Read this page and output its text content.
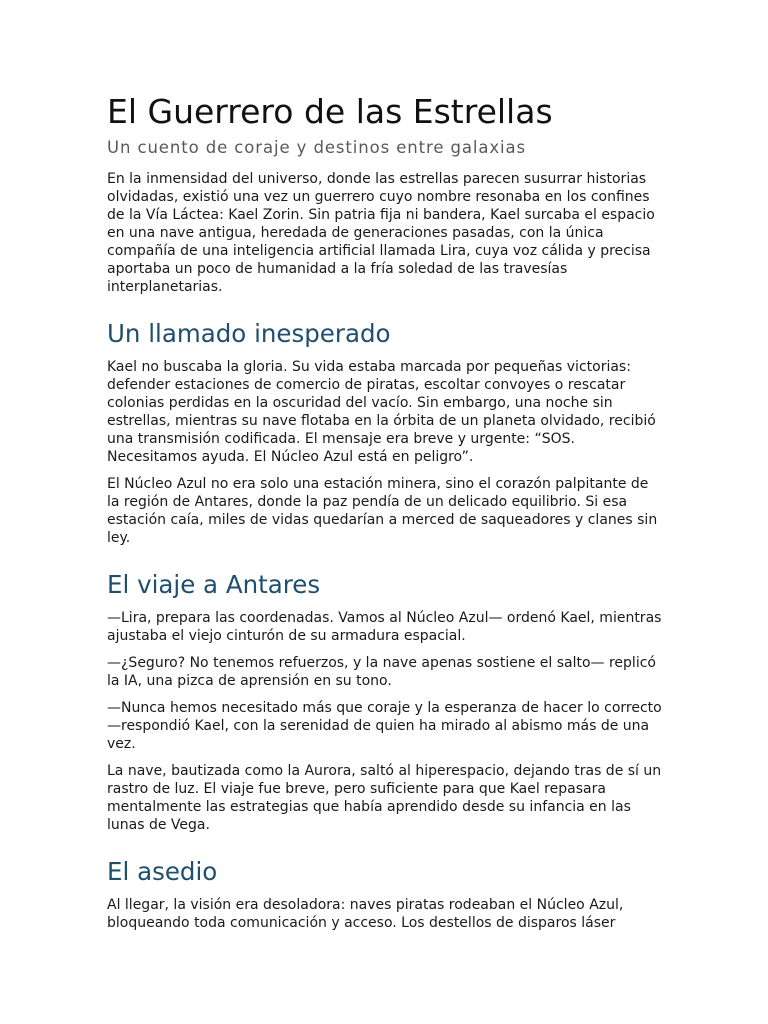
El Guerrero de las Estrellas
Un cuento de coraje y destinos entre galaxias

En la inmensidad del universo, donde las estrellas parecen susurrar historias olvidadas, existió una vez un guerrero cuyo nombre resonaba en los confines de la Vía Láctea: Kael Zorin. Sin patria fija ni bandera, Kael surcaba el espacio en una nave antigua, heredada de generaciones pasadas, con la única compañía de una inteligencia artificial llamada Lira, cuya voz cálida y precisa aportaba un poco de humanidad a la fría soledad de las travesías interplanetarias.

Un llamado inesperado

Kael no buscaba la gloria. Su vida estaba marcada por pequeñas victorias: defender estaciones de comercio de piratas, escoltar convoyes o rescatar colonias perdidas en la oscuridad del vacío. Sin embargo, una noche sin estrellas, mientras su nave flotaba en la órbita de un planeta olvidado, recibió una transmisión codificada. El mensaje era breve y urgente: “SOS. Necesitamos ayuda. El Núcleo Azul está en peligro”.

El Núcleo Azul no era solo una estación minera, sino el corazón palpitante de la región de Antares, donde la paz pendía de un delicado equilibrio. Si esa estación caía, miles de vidas quedarían a merced de saqueadores y clanes sin ley.

El viaje a Antares

—Lira, prepara las coordenadas. Vamos al Núcleo Azul— ordenó Kael, mientras ajustaba el viejo cinturón de su armadura espacial.

—¿Seguro? No tenemos refuerzos, y la nave apenas sostiene el salto— replicó la IA, una pizca de aprensión en su tono.

—Nunca hemos necesitado más que coraje y la esperanza de hacer lo correcto —respondió Kael, con la serenidad de quien ha mirado al abismo más de una vez.

La nave, bautizada como la Aurora, saltó al hiperespacio, dejando tras de sí un rastro de luz. El viaje fue breve, pero suficiente para que Kael repasara mentalmente las estrategias que había aprendido desde su infancia en las lunas de Vega.

El asedio

Al llegar, la visión era desoladora: naves piratas rodeaban el Núcleo Azul, bloqueando toda comunicación y acceso. Los destellos de disparos láser
